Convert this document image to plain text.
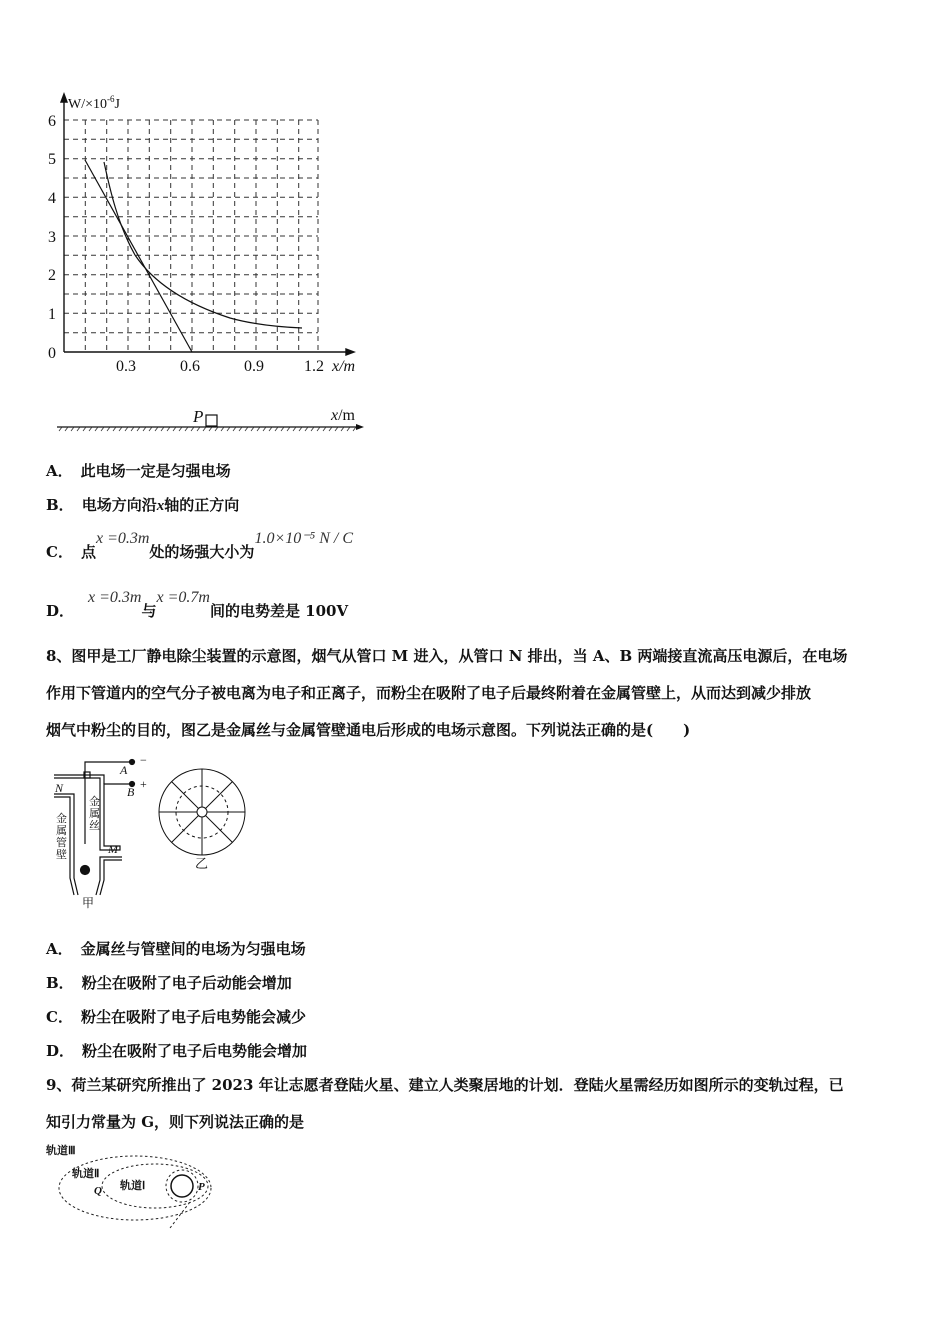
$W/\times 10^{-6}J$
6
5
4
3
2
1
0
0.3	0.6	0.9	1.2 x/m
P	x/m
A． 此电场一定是匀强电场
B． 电场方向沿x轴的正方向
C． 点x =0.3m处的场强大小为1.0×10⁻⁵ N / C
D．x =0.3m与x =0.7m间的电势差是 100V
8、图甲是工厂静电除尘装置的示意图，烟气从管口 M 进入，从管口 N 排出，当 A、B 两端接直流高压电源后，在电场
作用下管道内的空气分子被电离为电子和正离子，而粉尘在吸附了电子后最终附着在金属管壁上，从而达到减少排放
烟气中粉尘的目的，图乙是金属丝与金属管壁通电后形成的电场示意图。下列说法正确的是(　　)
A
−
B
+
N
M
甲
金
属
丝
金
属
管
壁
乙
A． 金属丝与管壁间的电场为匀强电场
B． 粉尘在吸附了电子后动能会增加
C． 粉尘在吸附了电子后电势能会减少
D． 粉尘在吸附了电子后电势能会增加
9、荷兰某研究所推出了 2023 年让志愿者登陆火星、建立人类聚居地的计划．登陆火星需经历如图所示的变轨过程，已
知引力常量为 G，则下列说法正确的是
轨道Ⅲ
轨道Ⅱ
轨道Ⅰ
Q	P
